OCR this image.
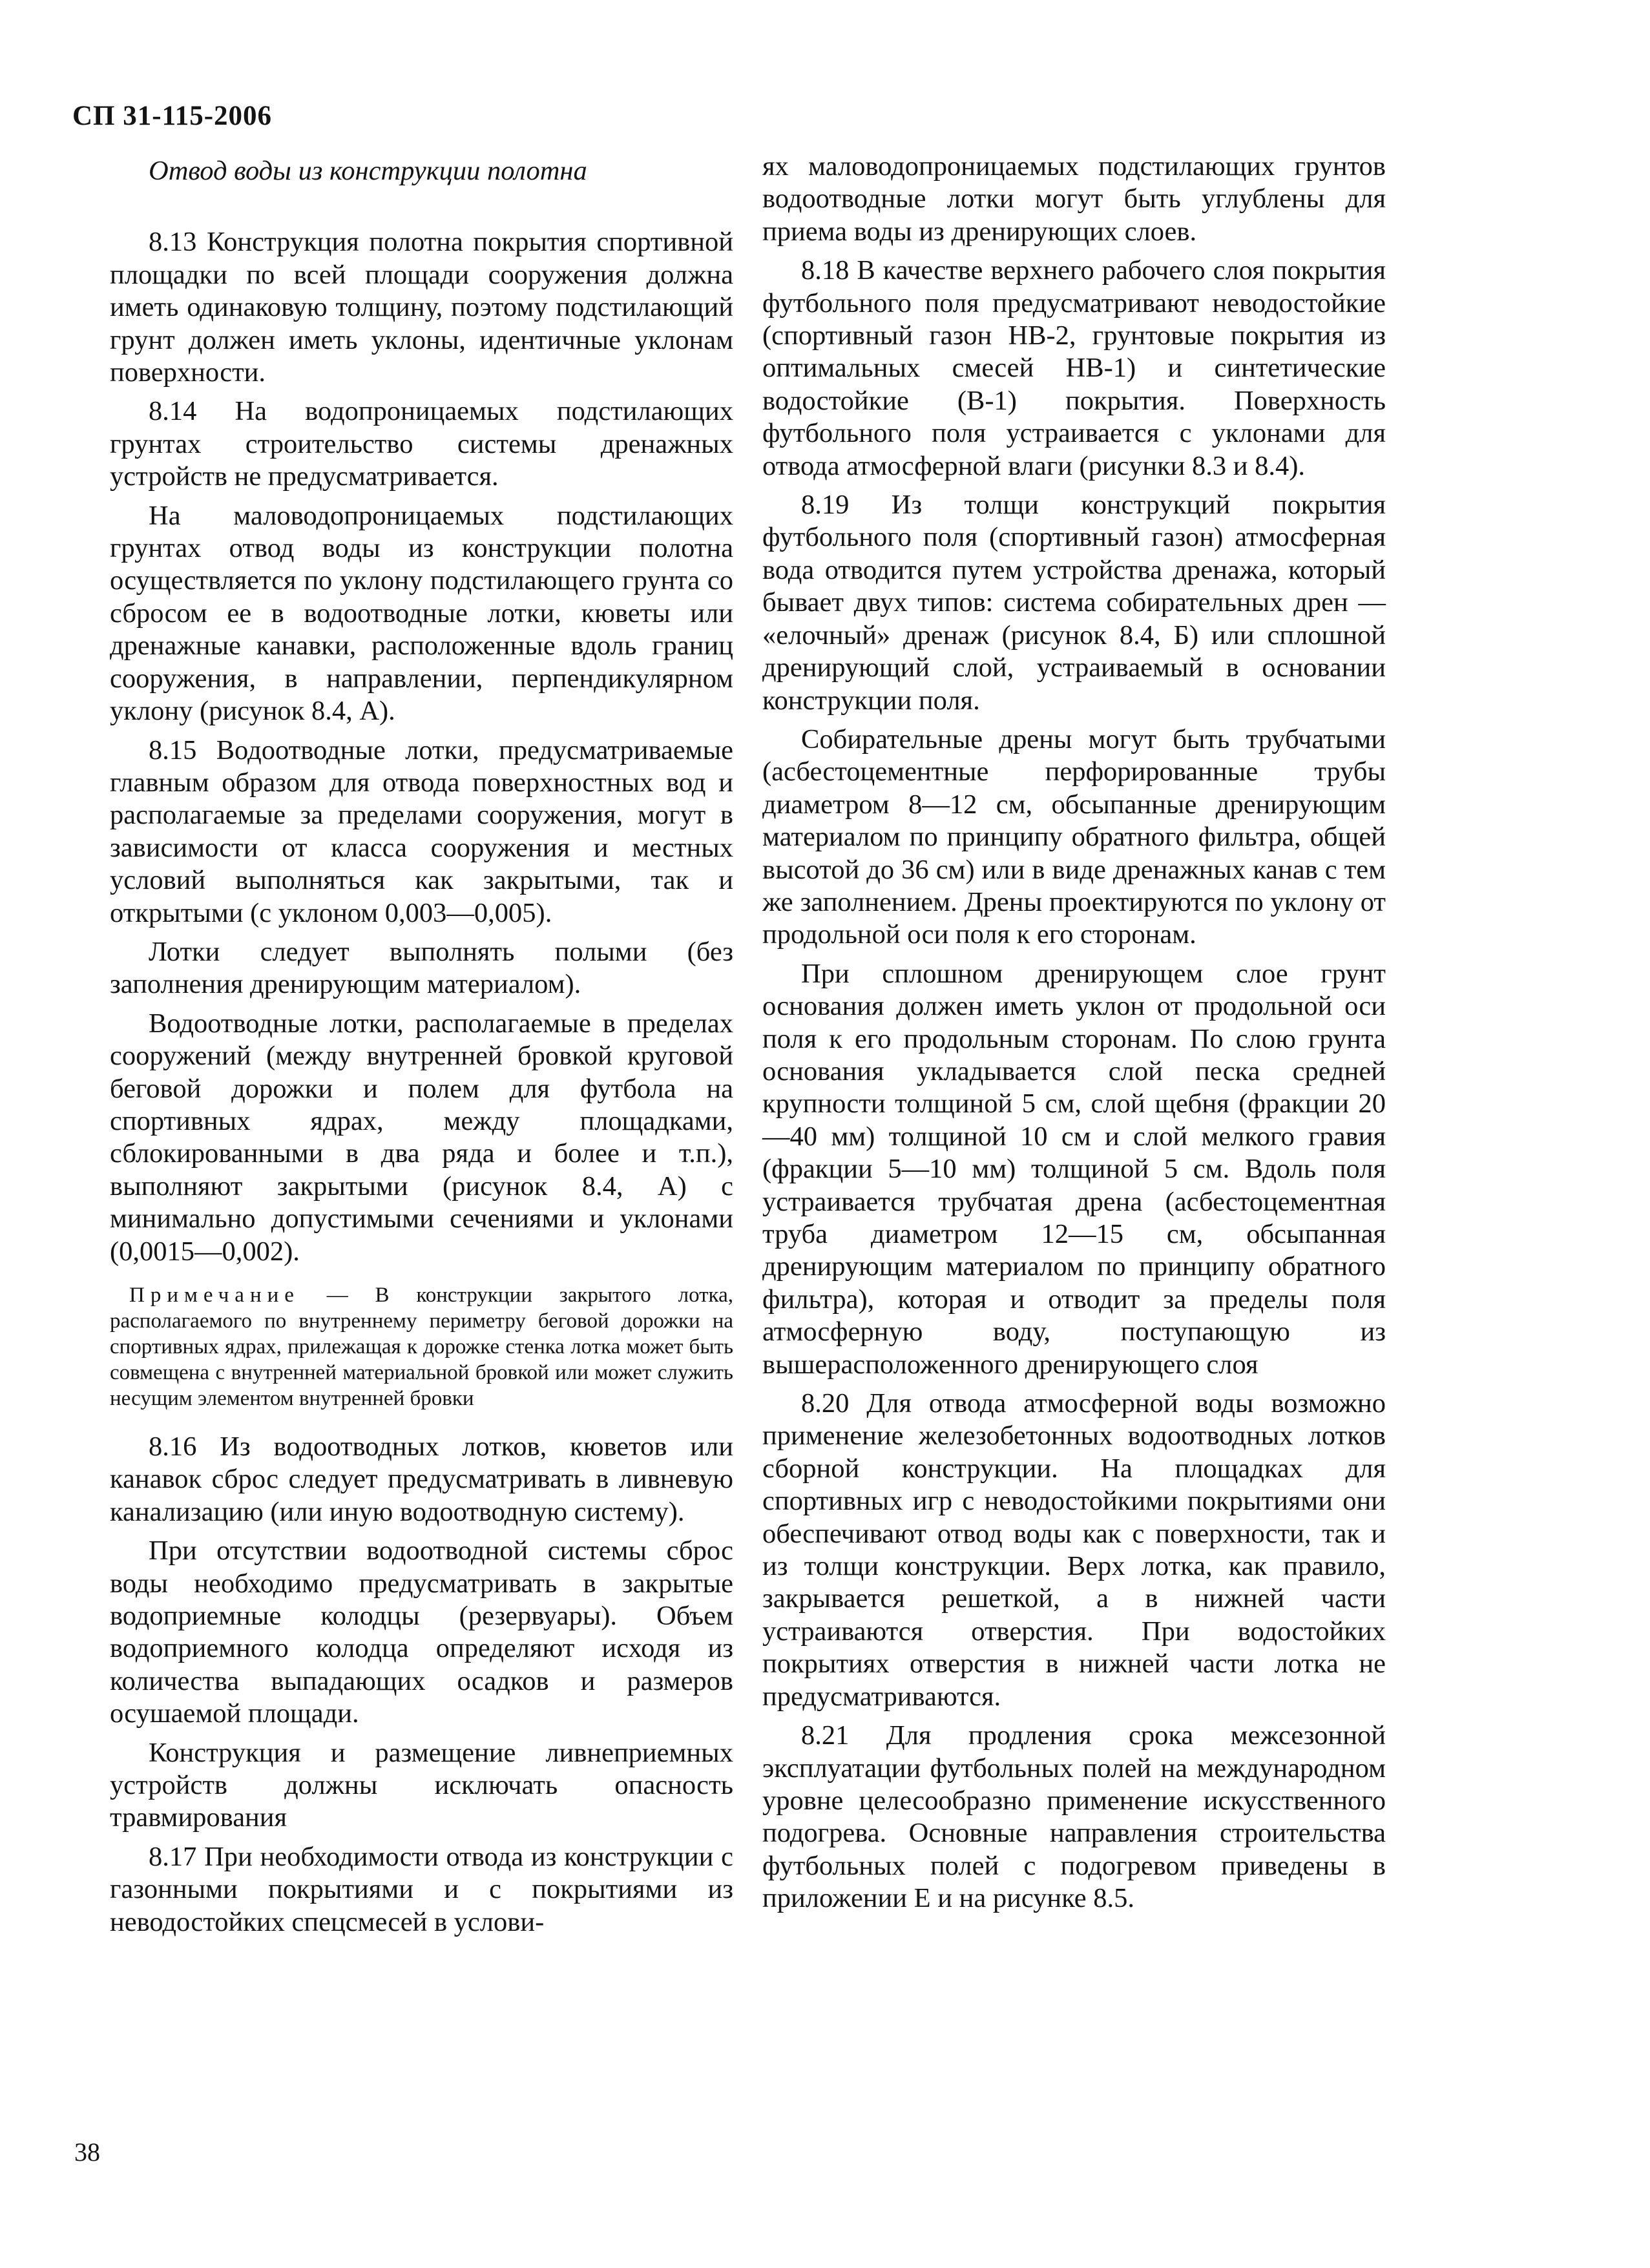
СП 31-115-2006

Отвод воды из конструкции полотна

8.13 Конструкция полотна покрытия спортивной площадки по всей площади сооружения должна иметь одинаковую толщину, поэтому подстилающий грунт должен иметь уклоны, идентичные уклонам поверхности.

8.14 На водопроницаемых подстилающих грунтах строительство системы дренажных устройств не предусматривается.

На маловодопроницаемых подстилающих грунтах отвод воды из конструкции полотна осуществляется по уклону подстилающего грунта со сбросом ее в водоотводные лотки, кюветы или дренажные канавки, расположенные вдоль границ сооружения, в направлении, перпендикулярном уклону (рисунок 8.4, А).

8.15 Водоотводные лотки, предусматриваемые главным образом для отвода поверхностных вод и располагаемые за пределами сооружения, могут в зависимости от класса сооружения и местных условий выполняться как закрытыми, так и открытыми (с уклоном 0,003—0,005).

Лотки следует выполнять полыми (без заполнения дренирующим материалом).

Водоотводные лотки, располагаемые в пределах сооружений (между внутренней бровкой круговой беговой дорожки и полем для футбола на спортивных ядрах, между площадками, сблокированными в два ряда и более и т.п.), выполняют закрытыми (рисунок 8.4, А) с минимально допустимыми сечениями и уклонами (0,0015—0,002).

Примечание — В конструкции закрытого лотка, располагаемого по внутреннему периметру беговой дорожки на спортивных ядрах, прилежащая к дорожке стенка лотка может быть совмещена с внутренней материальной бровкой или может служить несущим элементом внутренней бровки

8.16 Из водоотводных лотков, кюветов или канавок сброс следует предусматривать в ливневую канализацию (или иную водоотводную систему).

При отсутствии водоотводной системы сброс воды необходимо предусматривать в закрытые водоприемные колодцы (резервуары). Объем водоприемного колодца определяют исходя из количества выпадающих осадков и размеров осушаемой площади.

Конструкция и размещение ливнеприемных устройств должны исключать опасность травмирования

8.17 При необходимости отвода из конструкции с газонными покрытиями и с покрытиями из неводостойких спецсмесей в услови-

ях маловодопроницаемых подстилающих грунтов водоотводные лотки могут быть углублены для приема воды из дренирующих слоев.

8.18 В качестве верхнего рабочего слоя покрытия футбольного поля предусматривают неводостойкие (спортивный газон НВ-2, грунтовые покрытия из оптимальных смесей НВ-1) и синтетические водостойкие (В-1) покрытия. Поверхность футбольного поля устраивается с уклонами для отвода атмосферной влаги (рисунки 8.3 и 8.4).

8.19 Из толщи конструкций покрытия футбольного поля (спортивный газон) атмосферная вода отводится путем устройства дренажа, который бывает двух типов: система собирательных дрен — «елочный» дренаж (рисунок 8.4, Б) или сплошной дренирующий слой, устраиваемый в основании конструкции поля.

Собирательные дрены могут быть трубчатыми (асбестоцементные перфорированные трубы диаметром 8—12 см, обсыпанные дренирующим материалом по принципу обратного фильтра, общей высотой до 36 см) или в виде дренажных канав с тем же заполнением. Дрены проектируются по уклону от продольной оси поля к его сторонам.

При сплошном дренирующем слое грунт основания должен иметь уклон от продольной оси поля к его продольным сторонам. По слою грунта основания укладывается слой песка средней крупности толщиной 5 см, слой щебня (фракции 20—40 мм) толщиной 10 см и слой мелкого гравия (фракции 5—10 мм) толщиной 5 см. Вдоль поля устраивается трубчатая дрена (асбестоцементная труба диаметром 12—15 см, обсыпанная дренирующим материалом по принципу обратного фильтра), которая и отводит за пределы поля атмосферную воду, поступающую из вышерасположенного дренирующего слоя

8.20 Для отвода атмосферной воды возможно применение железобетонных водоотводных лотков сборной конструкции. На площадках для спортивных игр с неводостойкими покрытиями они обеспечивают отвод воды как с поверхности, так и из толщи конструкции. Верх лотка, как правило, закрывается решеткой, а в нижней части устраиваются отверстия. При водостойких покрытиях отверстия в нижней части лотка не предусматриваются.

8.21 Для продления срока межсезонной эксплуатации футбольных полей на международном уровне целесообразно применение искусственного подогрева. Основные направления строительства футбольных полей с подогревом приведены в приложении Е и на рисунке 8.5.

38
